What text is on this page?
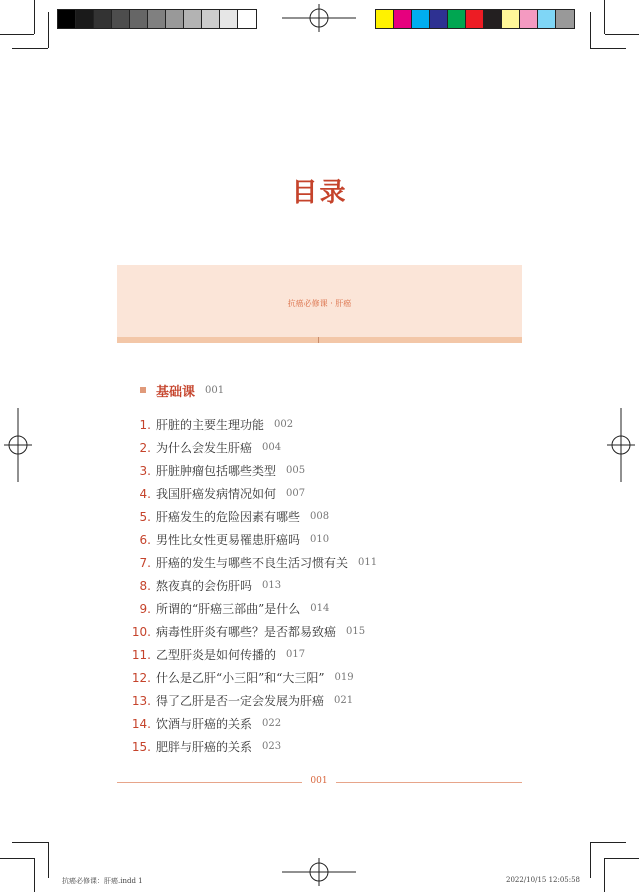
目录
抗癌必修课 · 肝癌
基础课 001
1. 肝脏的主要生理功能 002
2. 为什么会发生肝癌 004
3. 肝脏肿瘤包括哪些类型 005
4. 我国肝癌发病情况如何 007
5. 肝癌发生的危险因素有哪些 008
6. 男性比女性更易罹患肝癌吗 010
7. 肝癌的发生与哪些不良生活习惯有关 011
8. 熬夜真的会伤肝吗 013
9. 所谓的“肝癌三部曲”是什么 014
10. 病毒性肝炎有哪些？是否都易致癌 015
11. 乙型肝炎是如何传播的 017
12. 什么是乙肝“小三阳”和“大三阳” 019
13. 得了乙肝是否一定会发展为肝癌 021
14. 饮酒与肝癌的关系 022
15. 肥胖与肝癌的关系 023
001
抗癌必修课：肝癌.indd 1	2022/10/15 12:05:58
